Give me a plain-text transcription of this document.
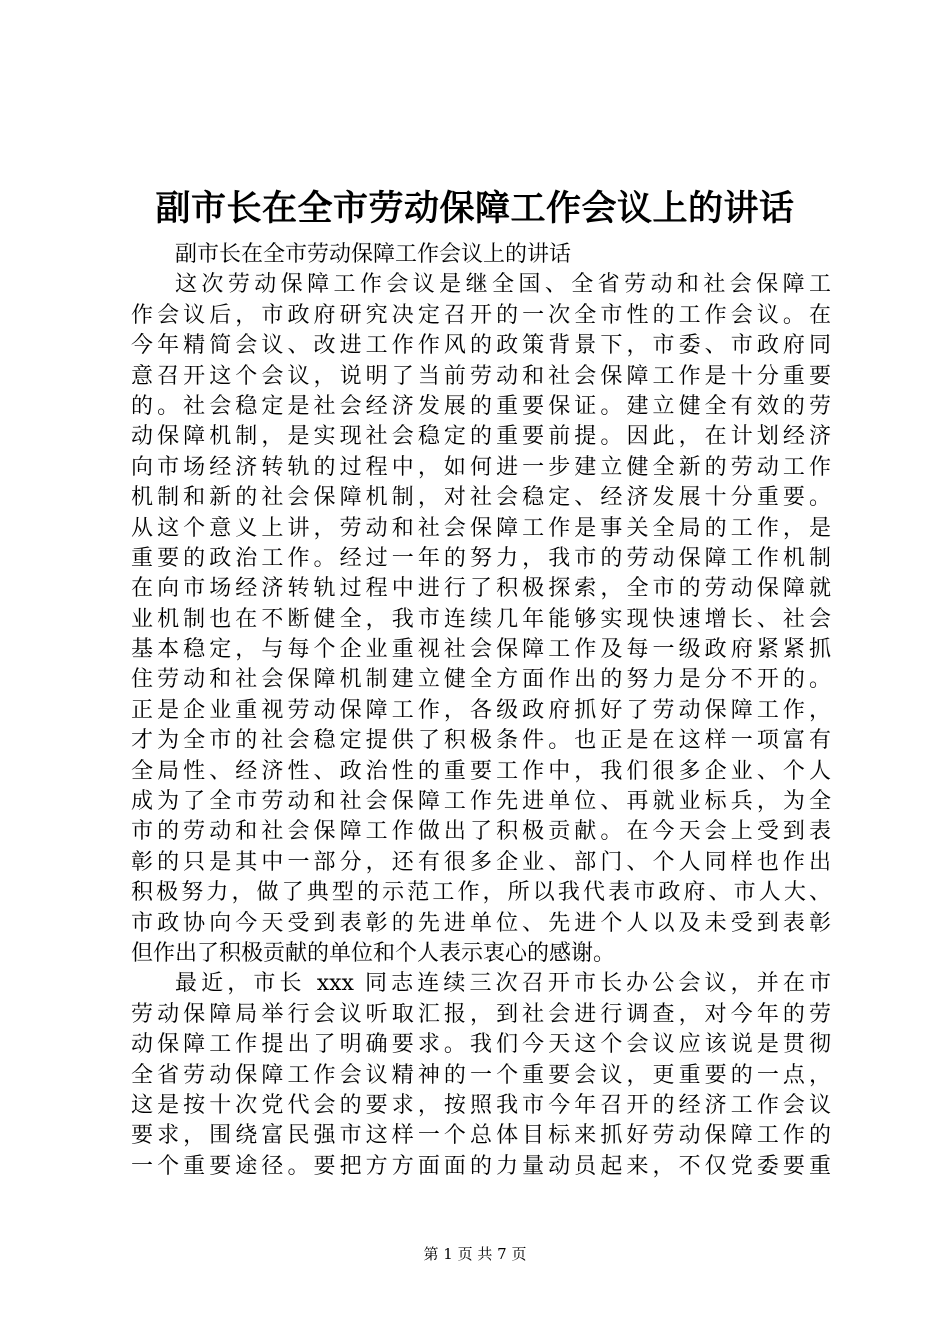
副市长在全市劳动保障工作会议上的讲话
副市长在全市劳动保障工作会议上的讲话
这次劳动保障工作会议是继全国、全省劳动和社会保障工
作会议后，市政府研究决定召开的一次全市性的工作会议。在
今年精简会议、改进工作作风的政策背景下，市委、市政府同
意召开这个会议，说明了当前劳动和社会保障工作是十分重要
的。社会稳定是社会经济发展的重要保证。建立健全有效的劳
动保障机制，是实现社会稳定的重要前提。因此，在计划经济
向市场经济转轨的过程中，如何进一步建立健全新的劳动工作
机制和新的社会保障机制，对社会稳定、经济发展十分重要。
从这个意义上讲，劳动和社会保障工作是事关全局的工作，是
重要的政治工作。经过一年的努力，我市的劳动保障工作机制
在向市场经济转轨过程中进行了积极探索，全市的劳动保障就
业机制也在不断健全，我市连续几年能够实现快速增长、社会
基本稳定，与每个企业重视社会保障工作及每一级政府紧紧抓
住劳动和社会保障机制建立健全方面作出的努力是分不开的。
正是企业重视劳动保障工作，各级政府抓好了劳动保障工作，
才为全市的社会稳定提供了积极条件。也正是在这样一项富有
全局性、经济性、政治性的重要工作中，我们很多企业、个人
成为了全市劳动和社会保障工作先进单位、再就业标兵，为全
市的劳动和社会保障工作做出了积极贡献。在今天会上受到表
彰的只是其中一部分，还有很多企业、部门、个人同样也作出
积极努力，做了典型的示范工作，所以我代表市政府、市人大、
市政协向今天受到表彰的先进单位、先进个人以及未受到表彰
但作出了积极贡献的单位和个人表示衷心的感谢。
最近，市长 xxx 同志连续三次召开市长办公会议，并在市
劳动保障局举行会议听取汇报，到社会进行调查，对今年的劳
动保障工作提出了明确要求。我们今天这个会议应该说是贯彻
全省劳动保障工作会议精神的一个重要会议，更重要的一点，
这是按十次党代会的要求，按照我市今年召开的经济工作会议
要求，围绕富民强市这样一个总体目标来抓好劳动保障工作的
一个重要途径。要把方方面面的力量动员起来，不仅党委要重
第 1 页 共 7 页
